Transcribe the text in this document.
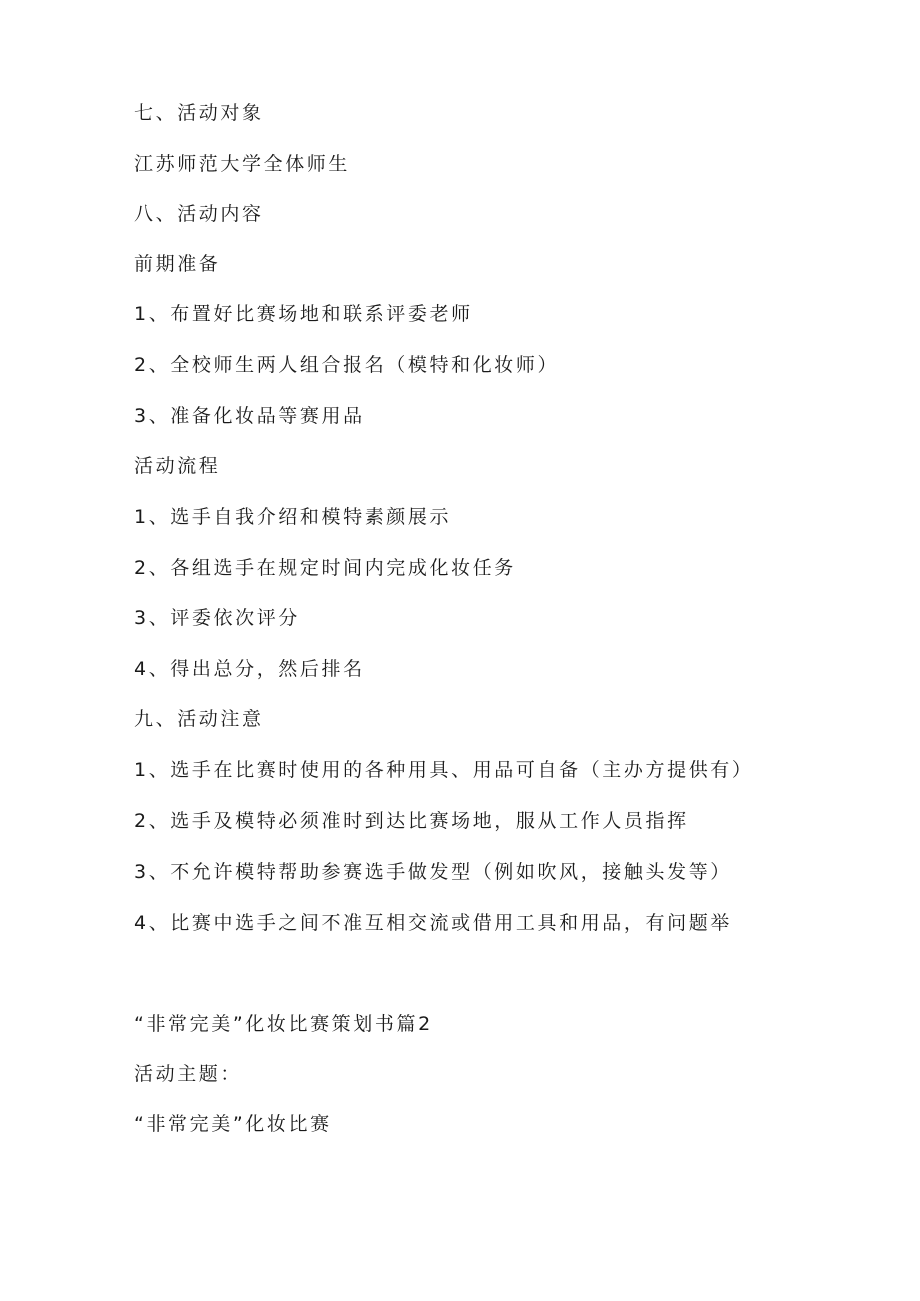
七、活动对象

江苏师范大学全体师生

八、活动内容

前期准备

1、布置好比赛场地和联系评委老师

2、全校师生两人组合报名（模特和化妆师）

3、准备化妆品等赛用品

活动流程

1、选手自我介绍和模特素颜展示

2、各组选手在规定时间内完成化妆任务

3、评委依次评分

4、得出总分，然后排名

九、活动注意

1、选手在比赛时使用的各种用具、用品可自备（主办方提供有）

2、选手及模特必须准时到达比赛场地，服从工作人员指挥

3、不允许模特帮助参赛选手做发型（例如吹风，接触头发等）

4、比赛中选手之间不准互相交流或借用工具和用品，有问题举

“非常完美”化妆比赛策划书篇2

活动主题：

“非常完美”化妆比赛
